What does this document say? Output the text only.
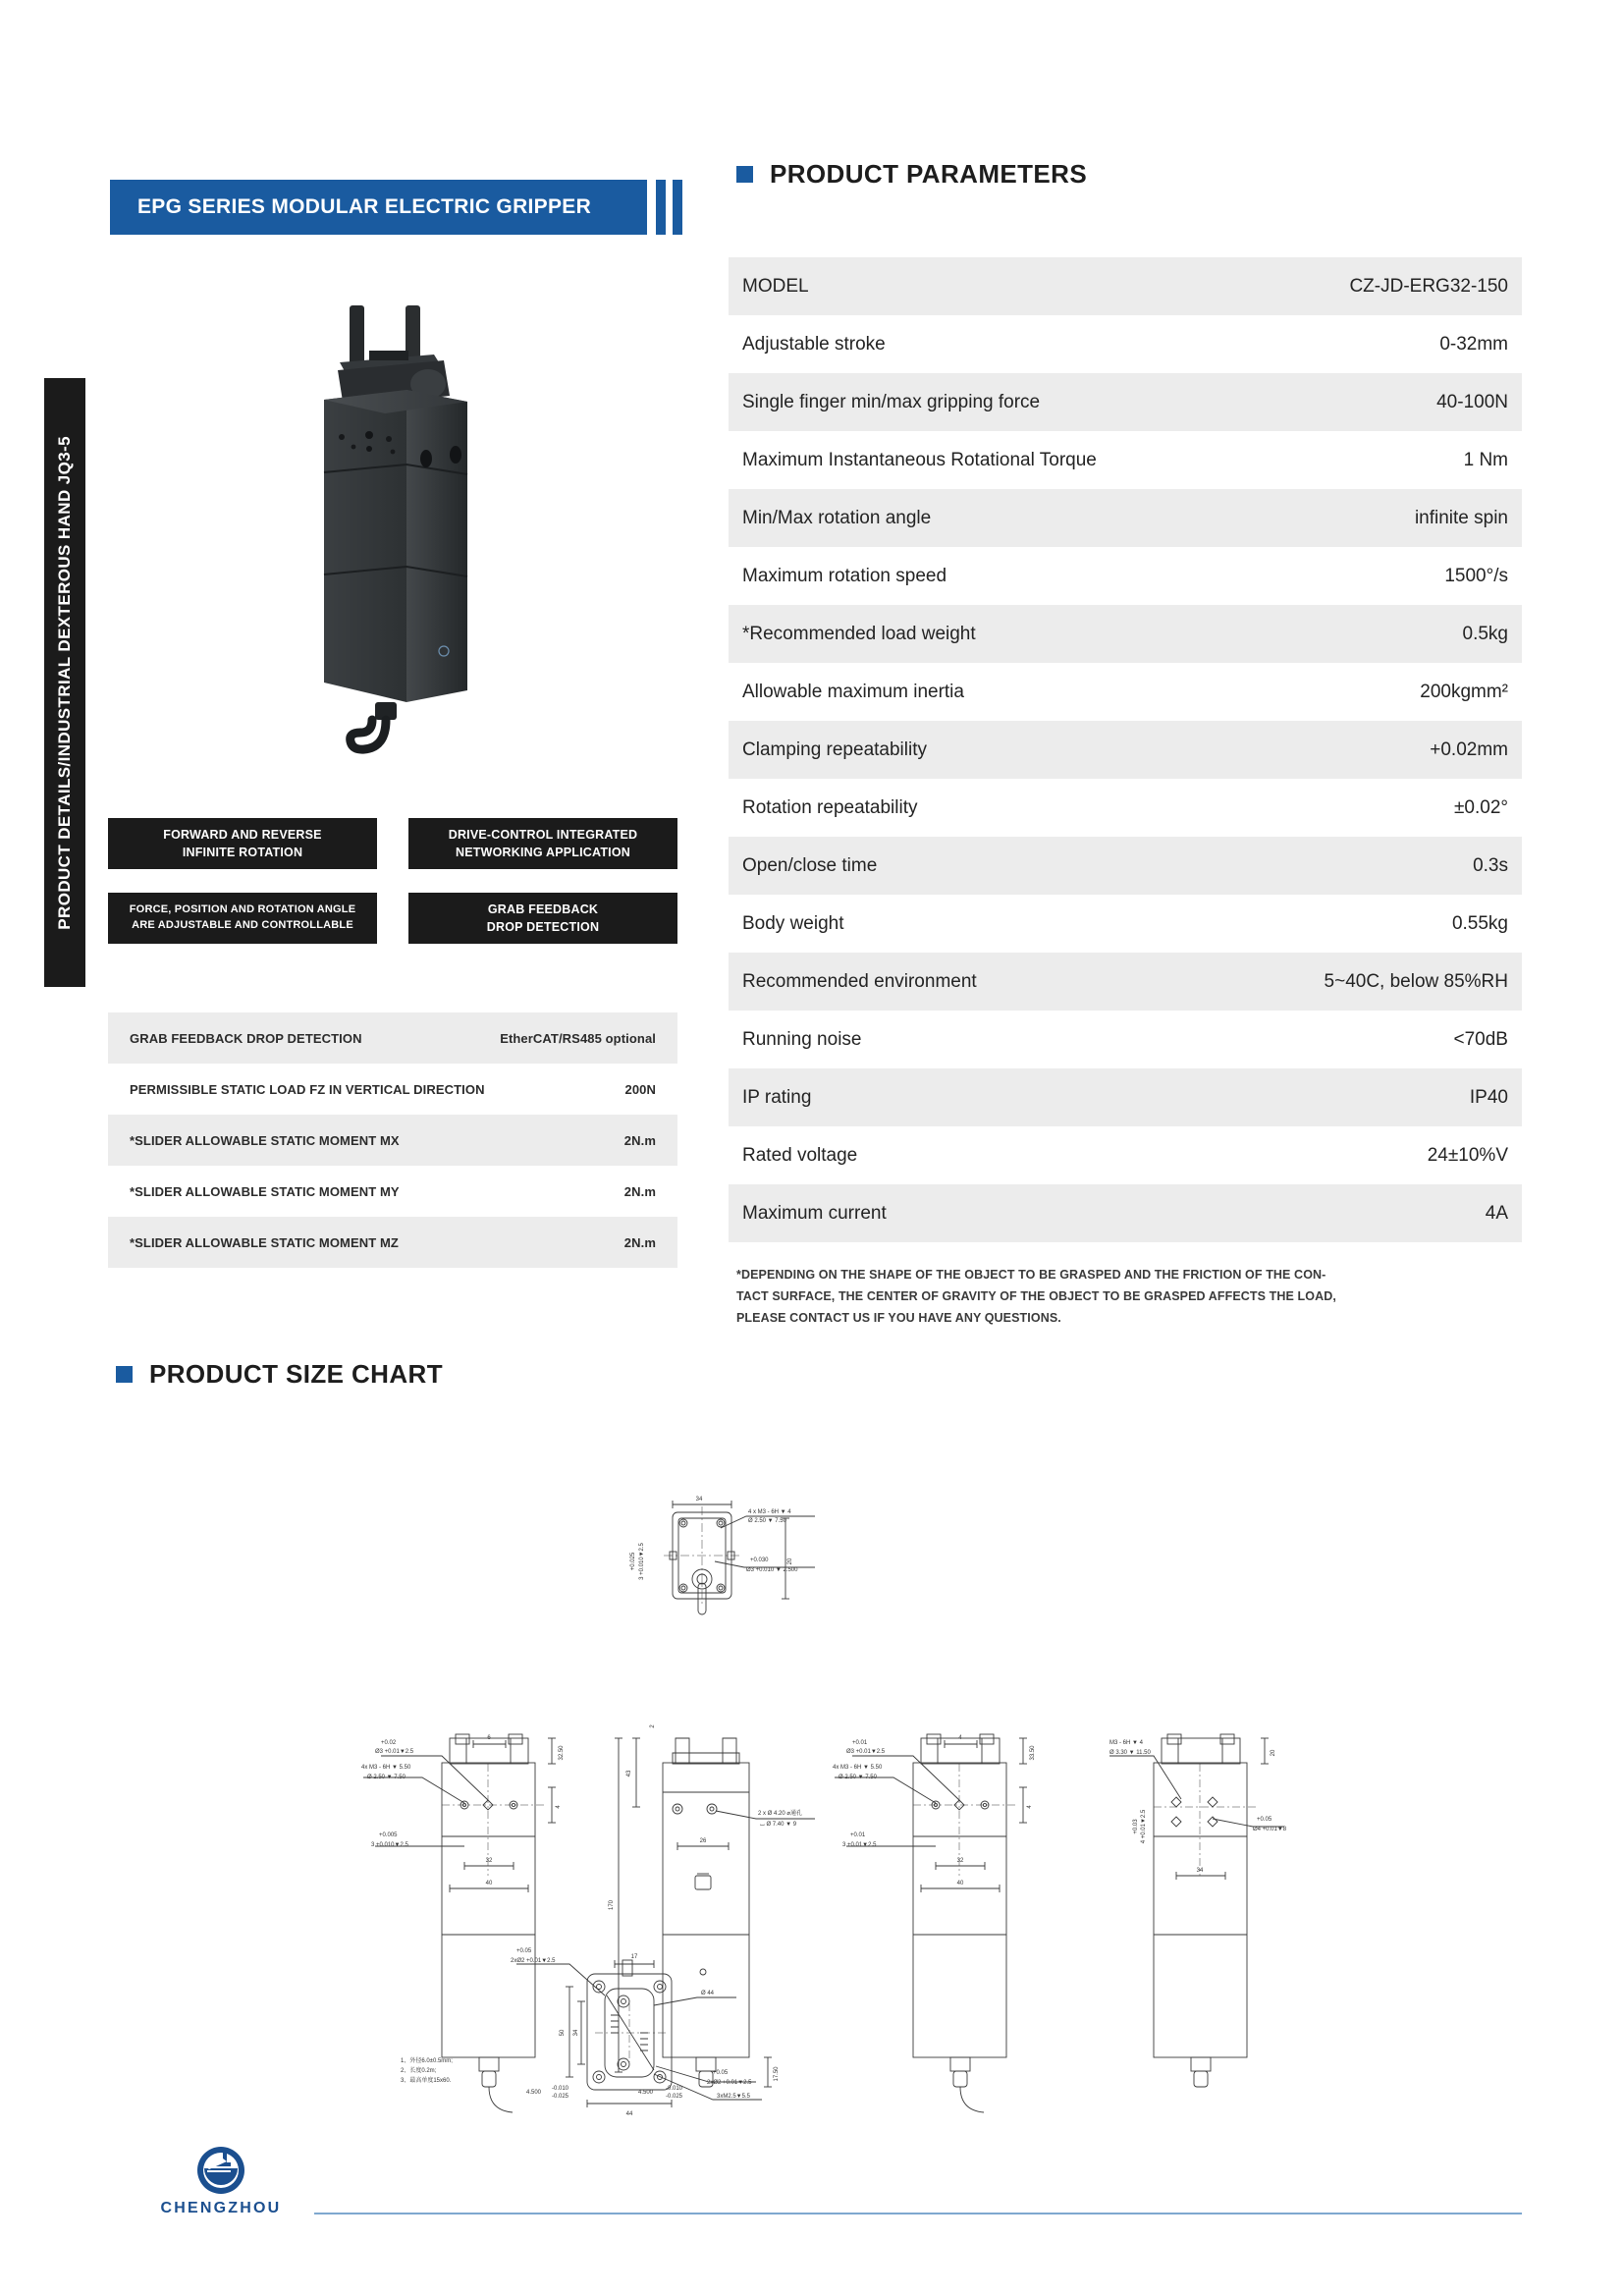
PRODUCT DETAILS/INDUSTRIAL DEXTEROUS HAND JQ3-5
EPG SERIES MODULAR ELECTRIC GRIPPER
FORWARD AND REVERSE
INFINITE ROTATION
DRIVE-CONTROL INTEGRATED
NETWORKING APPLICATION
FORCE, POSITION AND ROTATION ANGLE
ARE ADJUSTABLE AND CONTROLLABLE
GRAB FEEDBACK
DROP DETECTION
GRAB FEEDBACK DROP DETECTION	EtherCAT/RS485 optional
PERMISSIBLE STATIC LOAD FZ IN VERTICAL DIRECTION	200N
*SLIDER ALLOWABLE STATIC MOMENT MX	2N.m
*SLIDER ALLOWABLE STATIC MOMENT MY	2N.m
*SLIDER ALLOWABLE STATIC MOMENT MZ	2N.m
PRODUCT PARAMETERS
MODEL	CZ-JD-ERG32-150
Adjustable stroke	0-32mm
Single finger min/max gripping force	40-100N
Maximum Instantaneous Rotational Torque	1 Nm
Min/Max rotation angle	infinite spin
Maximum rotation speed	1500°/s
*Recommended load weight	0.5kg
Allowable maximum inertia	200kgmm²
Clamping repeatability	+0.02mm
Rotation repeatability	±0.02°
Open/close time	0.3s
Body weight	0.55kg
Recommended environment	5~40C, below 85%RH
Running noise	<70dB
IP rating	IP40
Rated voltage	24±10%V
Maximum current	4A
*DEPENDING ON THE SHAPE OF THE OBJECT TO BE GRASPED AND THE FRICTION OF THE CON-
TACT SURFACE, THE CENTER OF GRAVITY OF THE OBJECT TO BE GRASPED AFFECTS THE LOAD,
PLEASE CONTACT US IF YOU HAVE ANY QUESTIONS.
PRODUCT SIZE CHART
34
20
4 x M3 - 6H ▼ 4
Ø 2.50 ▼ 7.50
+0.030
Ø3 +0.010 ▼ 2.500
+0.025 3 +0.010▼2.5
32
40
32.50
4
6
+0.02
Ø3 +0.01▼2.5
4x M3 - 6H ▼ 5.50
Ø 2.50 ▼ 7.50
+0.005
3 +0.010▼2.5
1、外径6.0±0.5mm;
2、长度0.2m;
3、最高单度15x60.
43
170
26
17.50
2
2 x Ø 4.20 ⌀通孔
⌴ Ø 7.40 ▼ 9
32
40
33.50
4
4
+0.01
Ø3 +0.01▼2.5
4x M3 - 6H ▼ 5.50
Ø 2.50 ▼ 7.50
+0.01
3 +0.01▼2.5
20
34
M3 - 6H ▼ 4
Ø 3.30 ▼ 11.50
+0.05
Ø4 +0.01▼8
+0.03 4 +0.01▼2.5
17
44
50 34
+0.05
2xØ2 +0.01▼2.5
Ø 44
+0.05
2xØ2 +0.01▼2.5
3xM2.5▼5.5
4.500
-0.010
-0.025
4.500
-0.010
-0.025
CHENGZHOU
